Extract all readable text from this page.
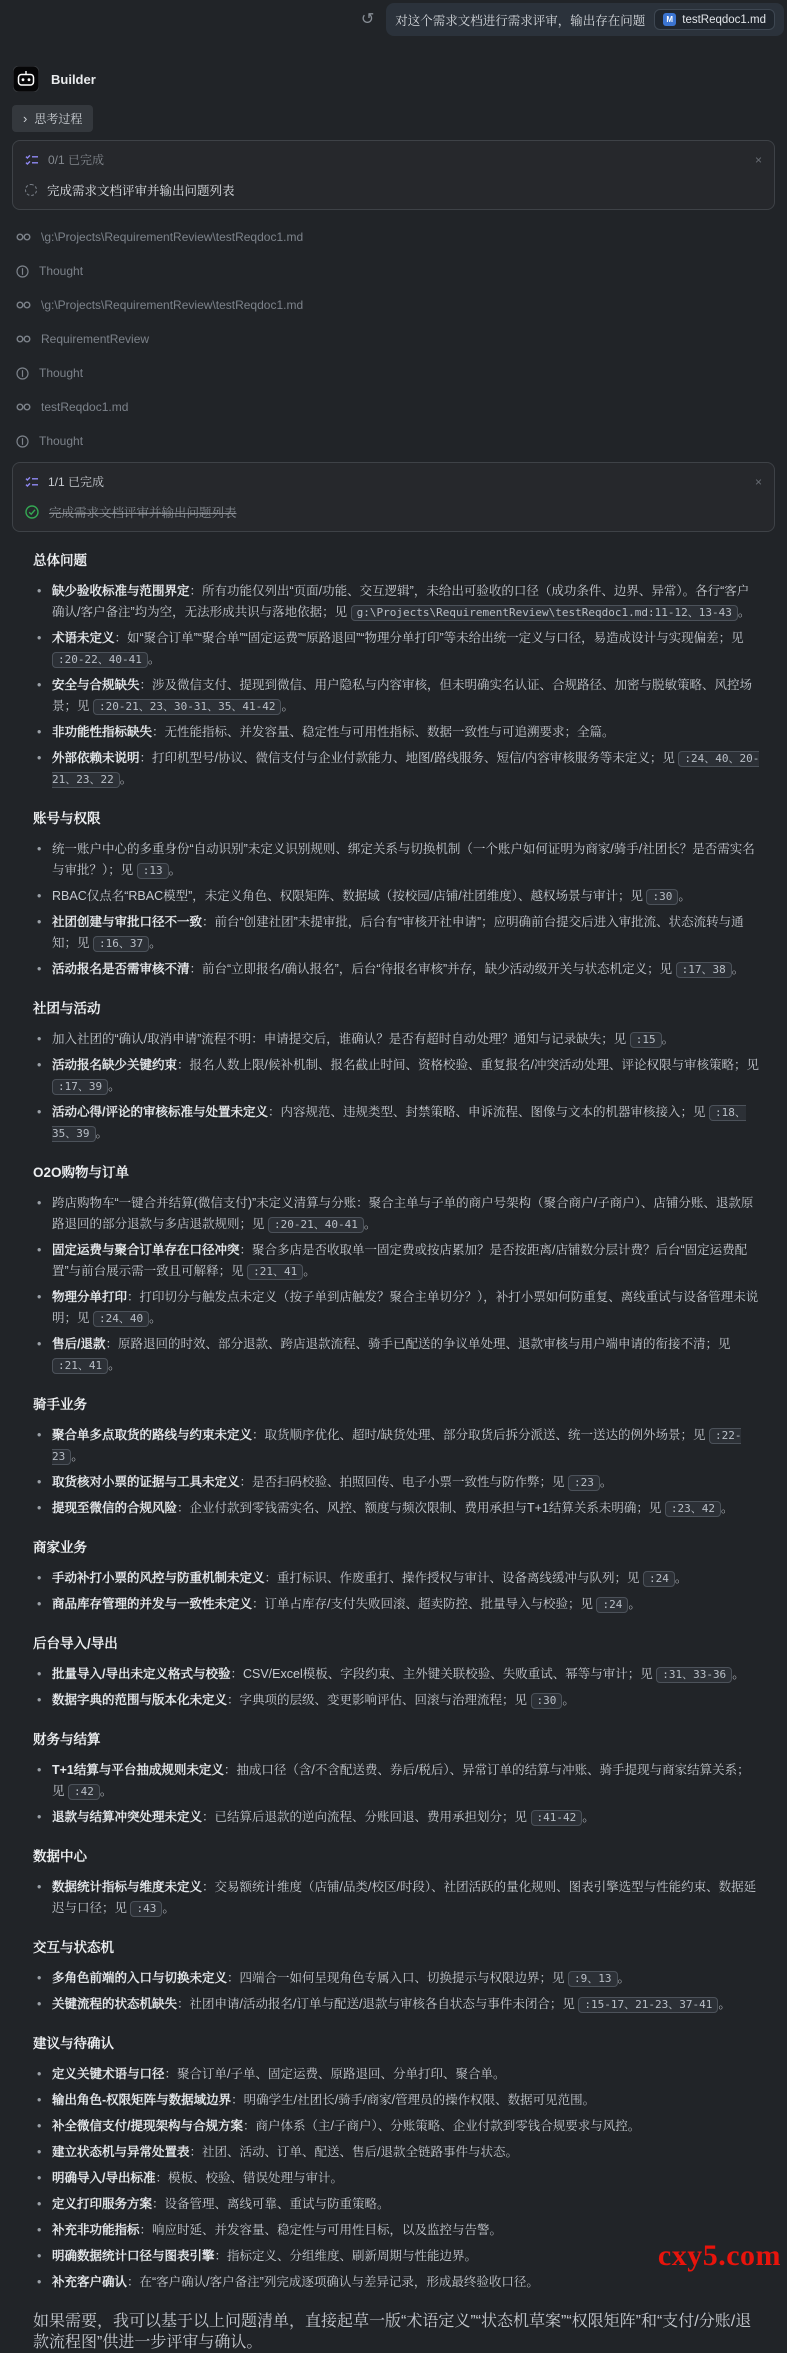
↺ 对这个需求文档进行需求评审，输出存在问题	M testReqdoc1.md
Builder
› 思考过程
0/1 已完成	×
完成需求文档评审并输出问题列表
\g:\Projects\RequirementReview\testReqdoc1.md
Thought
\g:\Projects\RequirementReview\testReqdoc1.md
RequirementReview
Thought
testReqdoc1.md
Thought
1/1 已完成	×
完成需求文档评审并输出问题列表
总体问题
• 缺少验收标准与范围界定：所有功能仅列出“页面/功能、交互逻辑”，未给出可验收的口径（成功条件、边界、异常）。各行“客户确认/客户备注”均为空，无法形成共识与落地依据；见 g:\Projects\RequirementReview\testReqdoc1.md:11-12、13-43 。
• 术语未定义：如“聚合订单”“聚合单”“固定运费”“原路退回”“物理分单打印”等未给出统一定义与口径，易造成设计与实现偏差；见 :20-22、40-41 。
• 安全与合规缺失：涉及微信支付、提现到微信、用户隐私与内容审核，但未明确实名认证、合规路径、加密与脱敏策略、风控场景；见 :20-21、23、30-31、35、41-42 。
• 非功能性指标缺失：无性能指标、并发容量、稳定性与可用性指标、数据一致性与可追溯要求；全篇。
• 外部依赖未说明：打印机型号/协议、微信支付与企业付款能力、地图/路线服务、短信/内容审核服务等未定义；见 :24、40、20-21、23、22 。
账号与权限
• 统一账户中心的多重身份“自动识别”未定义识别规则、绑定关系与切换机制（一个账户如何证明为商家/骑手/社团长？是否需实名与审批？）；见 :13 。
• RBAC仅点名“RBAC模型”，未定义角色、权限矩阵、数据域（按校园/店铺/社团维度）、越权场景与审计；见 :30 。
• 社团创建与审批口径不一致：前台“创建社团”未提审批，后台有“审核开社申请”；应明确前台提交后进入审批流、状态流转与通知；见 :16、37 。
• 活动报名是否需审核不清：前台“立即报名/确认报名”，后台“待报名审核”并存，缺少活动级开关与状态机定义；见 :17、38 。
社团与活动
• 加入社团的“确认/取消申请”流程不明：申请提交后，谁确认？是否有超时自动处理？通知与记录缺失；见 :15 。
• 活动报名缺少关键约束：报名人数上限/候补机制、报名截止时间、资格校验、重复报名/冲突活动处理、评论权限与审核策略；见 :17、39 。
• 活动心得/评论的审核标准与处置未定义：内容规范、违规类型、封禁策略、申诉流程、图像与文本的机器审核接入；见 :18、35、39 。
O2O购物与订单
• 跨店购物车“一键合并结算(微信支付)”未定义清算与分账：聚合主单与子单的商户号架构（聚合商户/子商户）、店铺分账、退款原路退回的部分退款与多店退款规则；见 :20-21、40-41 。
• 固定运费与聚合订单存在口径冲突：聚合多店是否收取单一固定费或按店累加？是否按距离/店铺数分层计费？后台“固定运费配置”与前台展示需一致且可解释；见 :21、41 。
• 物理分单打印：打印切分与触发点未定义（按子单到店触发？聚合主单切分？），补打小票如何防重复、离线重试与设备管理未说明；见 :24、40 。
• 售后/退款：原路退回的时效、部分退款、跨店退款流程、骑手已配送的争议单处理、退款审核与用户端申请的衔接不清；见 :21、41 。
骑手业务
• 聚合单多点取货的路线与约束未定义：取货顺序优化、超时/缺货处理、部分取货后拆分派送、统一送达的例外场景；见 :22-23 。
• 取货核对小票的证据与工具未定义：是否扫码校验、拍照回传、电子小票一致性与防作弊；见 :23 。
• 提现至微信的合规风险：企业付款到零钱需实名、风控、额度与频次限制、费用承担与T+1结算关系未明确；见 :23、42 。
商家业务
• 手动补打小票的风控与防重机制未定义：重打标识、作废重打、操作授权与审计、设备离线缓冲与队列；见 :24 。
• 商品库存管理的并发与一致性未定义：订单占库存/支付失败回滚、超卖防控、批量导入与校验；见 :24 。
后台导入/导出
• 批量导入/导出未定义格式与校验：CSV/Excel模板、字段约束、主外键关联校验、失败重试、幂等与审计；见 :31、33-36 。
• 数据字典的范围与版本化未定义：字典项的层级、变更影响评估、回滚与治理流程；见 :30 。
财务与结算
• T+1结算与平台抽成规则未定义：抽成口径（含/不含配送费、券后/税后）、异常订单的结算与冲账、骑手提现与商家结算关系；见 :42 。
• 退款与结算冲突处理未定义：已结算后退款的逆向流程、分账回退、费用承担划分；见 :41-42 。
数据中心
• 数据统计指标与维度未定义：交易额统计维度（店铺/品类/校区/时段）、社团活跃的量化规则、图表引擎选型与性能约束、数据延迟与口径；见 :43 。
交互与状态机
• 多角色前端的入口与切换未定义：四端合一如何呈现角色专属入口、切换提示与权限边界；见 :9、13 。
• 关键流程的状态机缺失：社团申请/活动报名/订单与配送/退款与审核各自状态与事件未闭合；见 :15-17、21-23、37-41 。
建议与待确认
• 定义关键术语与口径：聚合订单/子单、固定运费、原路退回、分单打印、聚合单。
• 输出角色-权限矩阵与数据域边界：明确学生/社团长/骑手/商家/管理员的操作权限、数据可见范围。
• 补全微信支付/提现架构与合规方案：商户体系（主/子商户）、分账策略、企业付款到零钱合规要求与风控。
• 建立状态机与异常处置表：社团、活动、订单、配送、售后/退款全链路事件与状态。
• 明确导入/导出标准：模板、校验、错误处理与审计。
• 定义打印服务方案：设备管理、离线可靠、重试与防重策略。
• 补充非功能指标：响应时延、并发容量、稳定性与可用性目标，以及监控与告警。
• 明确数据统计口径与图表引擎：指标定义、分组维度、刷新周期与性能边界。
• 补充客户确认：在“客户确认/客户备注”列完成逐项确认与差异记录，形成最终验收口径。

如果需要，我可以基于以上问题清单，直接起草一版“术语定义”“状态机草案”“权限矩阵”和“支付/分账/退款流程图”供进一步评审与确认。

cxy5.com
